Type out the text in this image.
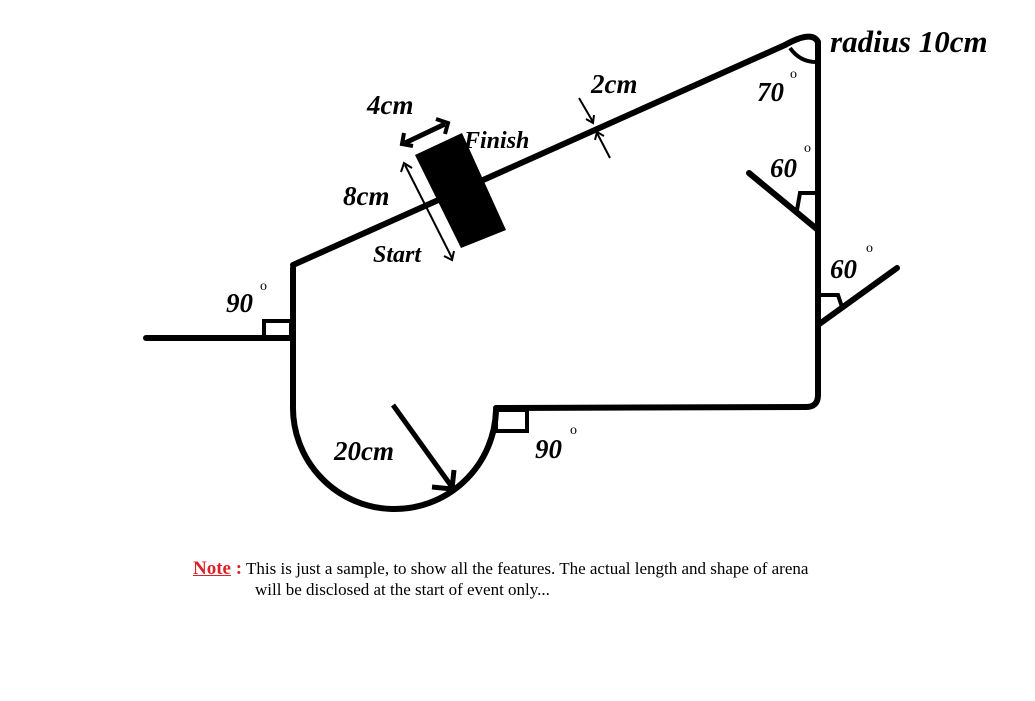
radius 10cm
70
o
60
o
60
o
90
o
90
o
2cm
4cm
8cm
Finish
Start
20cm
Note : This is just a sample, to show all the features. The actual length and shape of arena
will be disclosed at the start of event only...
